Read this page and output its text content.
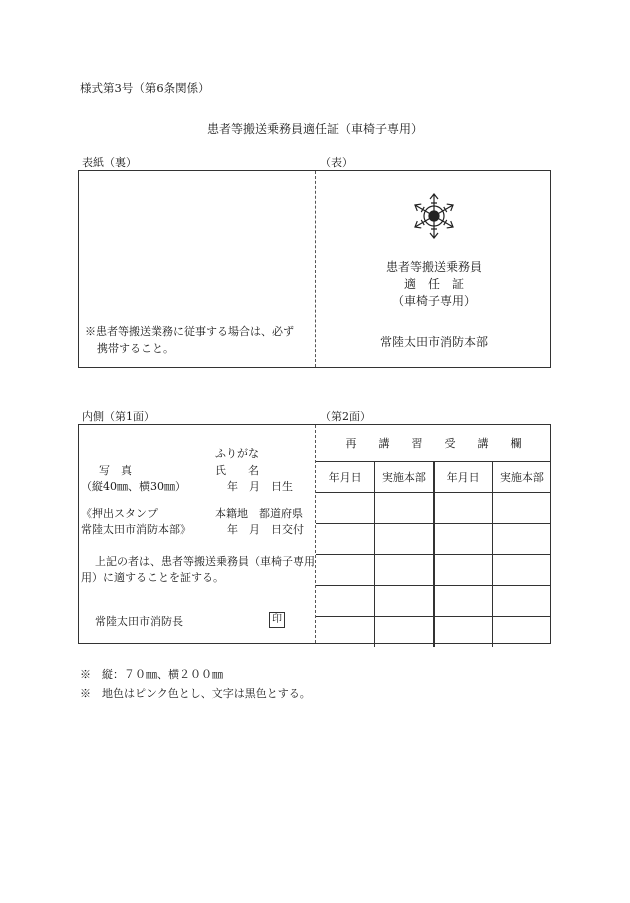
様式第3号（第6条関係）
患者等搬送乗務員適任証（車椅子専用）
表紙（裏）	（表）
※患者等搬送業務に従事する場合は、必ず
携帯すること。
患者等搬送乗務員
適　任　証
（車椅子専用）
常陸太田市消防本部
内側（第1面）	（第2面）
ふりがな
写　真	氏　　名
（縦40㎜、横30㎜）	年　月　日生
《押出スタンプ	本籍地　都道府県
常陸太田市消防本部》	年　月　日交付
上記の者は、患者等搬送乗務員（車椅子専用
用）に適することを証する。
常陸太田市消防長	印
再講習受講欄			
年月日	実施本部	年月日	実施本部

※　縦：７０㎜、横２００㎜
※　地色はピンク色とし、文字は黒色とする。
